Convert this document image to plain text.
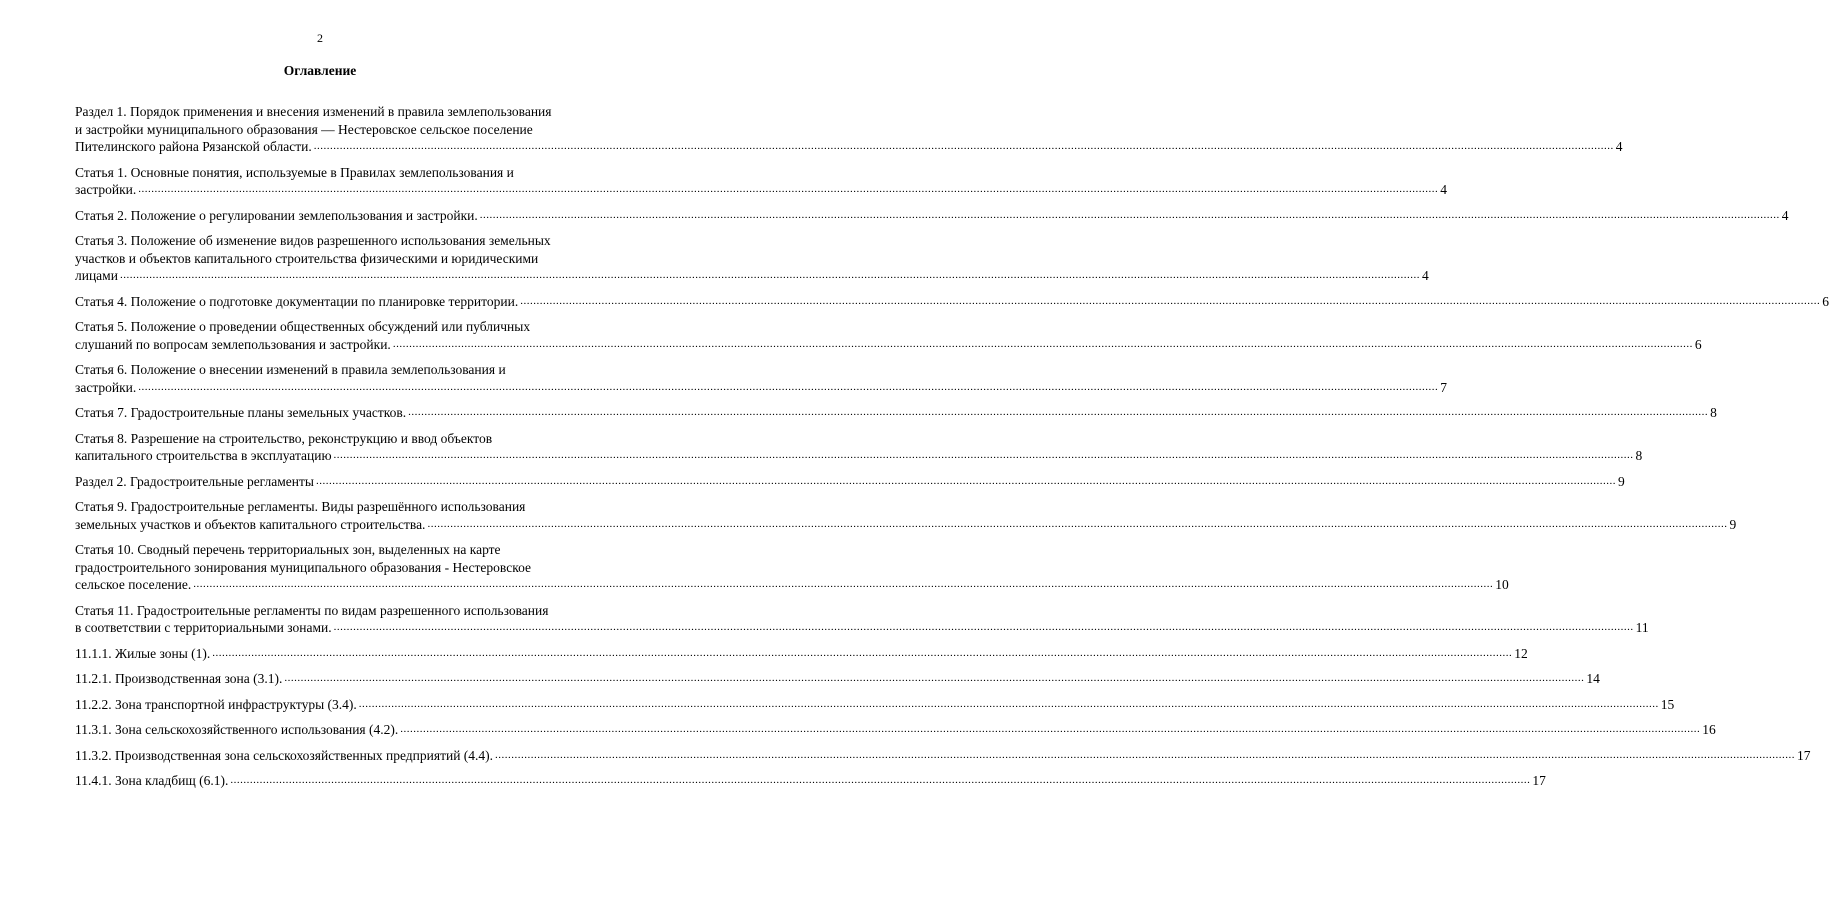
2
Оглавление
Раздел 1. Порядок применения и внесения изменений в правила землепользования
и застройки муниципального образования — Нестеровское сельское поселение
Пителинского района Рязанской области. ................................................................................................................................................................................................................................................................................................................................................................................................................ 4
Статья 1. Основные понятия, используемые в Правилах землепользования и
застройки. ................................................................................................................................................................................................................................................................................................................................................................................................................ 4
Статья 2. Положение о регулировании землепользования и застройки. ................................................................................................................................................................................................................................................................................................................................................................................................................ 4
Статья 3. Положение об изменение видов разрешенного использования земельных
участков и объектов капитального строительства физическими и юридическими
лицами ................................................................................................................................................................................................................................................................................................................................................................................................................ 4
Статья 4. Положение о подготовке документации по планировке территории. ................................................................................................................................................................................................................................................................................................................................................................................................................ 6
Статья 5. Положение о проведении общественных обсуждений или публичных
слушаний по вопросам землепользования и застройки. ................................................................................................................................................................................................................................................................................................................................................................................................................ 6
Статья 6. Положение о внесении изменений в правила землепользования и
застройки. ................................................................................................................................................................................................................................................................................................................................................................................................................ 7
Статья 7. Градостроительные планы земельных участков. ................................................................................................................................................................................................................................................................................................................................................................................................................ 8
Статья 8. Разрешение на строительство, реконструкцию и ввод объектов
капитального строительства в эксплуатацию ................................................................................................................................................................................................................................................................................................................................................................................................................ 8
Раздел 2. Градостроительные регламенты ................................................................................................................................................................................................................................................................................................................................................................................................................ 9
Статья 9. Градостроительные регламенты. Виды разрешённого использования
земельных участков и объектов капитального строительства. ................................................................................................................................................................................................................................................................................................................................................................................................................ 9
Статья 10. Сводный перечень территориальных зон, выделенных на карте
градостроительного зонирования муниципального образования - Нестеровское
сельское поселение. ................................................................................................................................................................................................................................................................................................................................................................................................................ 10
Статья 11. Градостроительные регламенты по видам разрешенного использования
в соответствии с территориальными зонами. ................................................................................................................................................................................................................................................................................................................................................................................................................ 11
11.1.1. Жилые зоны (1). ................................................................................................................................................................................................................................................................................................................................................................................................................ 12
11.2.1. Производственная зона (3.1). ................................................................................................................................................................................................................................................................................................................................................................................................................ 14
11.2.2. Зона транспортной инфраструктуры (3.4). ................................................................................................................................................................................................................................................................................................................................................................................................................ 15
11.3.1. Зона сельскохозяйственного использования (4.2). ................................................................................................................................................................................................................................................................................................................................................................................................................ 16
11.3.2. Производственная зона сельскохозяйственных предприятий (4.4). ................................................................................................................................................................................................................................................................................................................................................................................................................ 17
11.4.1. Зона кладбищ (6.1). ................................................................................................................................................................................................................................................................................................................................................................................................................ 17
